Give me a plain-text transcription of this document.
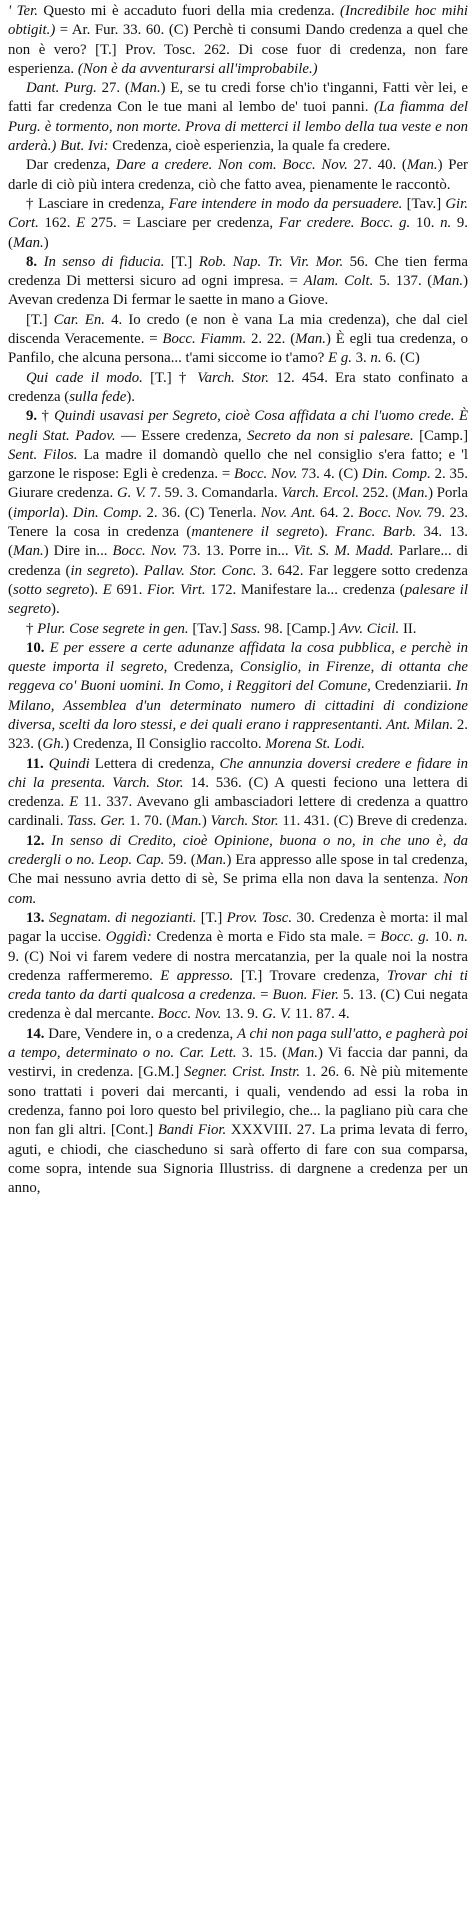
' Ter. Questo mi è accaduto fuori della mia credenza. (Incredibile hoc mihi obtigit.) = Ar. Fur. 33. 60. (C) Perchè ti consumi Dando credenza a quel che non è vero? [T.] Prov. Tosc. 262. Di cose fuor di credenza, non fare esperienza. (Non è da avventurarsi all'improbabile.)

Dant. Purg. 27. (Man.) E, se tu credi forse ch'io t'inganni, Fatti vèr lei, e fatti far credenza Con le tue mani al lembo de' tuoi panni. (La fiamma del Purg. è tormento, non morte. Prova di metterci il lembo della tua veste e non arderà.) But. Ivi: Credenza, cioè esperienzia, la quale fa credere.

Dar credenza, Dare a credere. Non com. Bocc. Nov. 27. 40. (Man.) Per darle di ciò più intera credenza, ciò che fatto avea, pienamente le raccontò.

† Lasciare in credenza, Fare intendere in modo da persuadere. [Tav.] Gir. Cort. 162. E 275. = Lasciare per credenza, Far credere. Bocc. g. 10. n. 9. (Man.)

8. In senso di fiducia. [T.] Rob. Nap. Tr. Vir. Mor. 56. Che tien ferma credenza Di mettersi sicuro ad ogni impresa. = Alam. Colt. 5. 137. (Man.) Avevan credenza Di fermar le saette in mano a Giove.

[T.] Car. En. 4. Io credo (e non è vana La mia credenza), che dal ciel discenda Veracemente. = Bocc. Fiamm. 2. 22. (Man.) È egli tua credenza, o Panfilo, che alcuna persona... t'ami siccome io t'amo? E g. 3. n. 6. (C)

Qui cade il modo. [T.] † Varch. Stor. 12. 454. Era stato confinato a credenza (sulla fede).

9. † Quindi usavasi per Segreto, cioè Cosa affidata a chi l'uomo crede. È negli Stat. Padov. — Essere credenza, Secreto da non si palesare. [Camp.] Sent. Filos. La madre il domandò quello che nel consiglio s'era fatto; e 'l garzone le rispose: Egli è credenza. = Bocc. Nov. 73. 4. (C) Din. Comp. 2. 35. Giurare credenza. G. V. 7. 59. 3. Comandarla. Varch. Ercol. 252. (Man.) Porla (imporla). Din. Comp. 2. 36. (C) Tenerla. Nov. Ant. 64. 2. Bocc. Nov. 79. 23. Tenere la cosa in credenza (mantenere il segreto). Franc. Barb. 34. 13. (Man.) Dire in... Bocc. Nov. 73. 13. Porre in... Vit. S. M. Madd. Parlare... di credenza (in segreto). Pallav. Stor. Conc. 3. 642. Far leggere sotto credenza (sotto segreto). E 691. Fior. Virt. 172. Manifestare la... credenza (palesare il segreto).

† Plur. Cose segrete in gen. [Tav.] Sass. 98. [Camp.] Avv. Cicil. II.

10. E per essere a certe adunanze affidata la cosa pubblica, e perchè in queste importa il segreto, Credenza, Consiglio, in Firenze, di ottanta che reggeva co' Buoni uomini. In Como, i Reggitori del Comune, Credenziarii. In Milano, Assemblea d'un determinato numero di cittadini di condizione diversa, scelti da loro stessi, e dei quali erano i rappresentanti. Ant. Milan. 2. 323. (Gh.) Credenza, Il Consiglio raccolto. Morena St. Lodi.

11. Quindi Lettera di credenza, Che annunzia doversi credere e fidare in chi la presenta. Varch. Stor. 14. 536. (C) A questi feciono una lettera di credenza. E 11. 337. Avevano gli ambasciadori lettere di credenza a quattro cardinali. Tass. Ger. 1. 70. (Man.) Varch. Stor. 11. 431. (C) Breve di credenza.

12. In senso di Credito, cioè Opinione, buona o no, in che uno è, da credergli o no. Leop. Cap. 59. (Man.) Era appresso alle spose in tal credenza, Che mai nessuno avria detto di sè, Se prima ella non dava la sentenza. Non com.

13. Segnatam. di negoziantі. [T.] Prov. Tosc. 30. Credenza è morta: il mal pagar la uccise. Oggidì: Credenza è morta e Fido sta male. = Bocc. g. 10. n. 9. (C) Noi vi farem vedere di nostra mercatanzia, per la quale noi la nostra credenza raffermeremo. E appresso. [T.] Trovare credenza, Trovar chi ti creda tanto da darti qualcosa a credenza. = Buon. Fier. 5. 13. (C) Cui negata credenza è dal mercante. Bocc. Nov. 13. 9. G. V. 11. 87. 4.

14. Dare, Vendere in, o a credenza, A chi non paga sull'atto, e pagherà poi a tempo, determinato o no. Car. Lett. 3. 15. (Man.) Vi faccia dar panni, da vestirvi, in credenza. [G.M.] Segner. Crist. Instr. 1. 26. 6. Nè più mitemente sono trattati i poveri dai mercanti, i quali, vendendo ad essi la roba in credenza, fanno poi loro questo bel privilegio, che... la pagliano più cara che non fan gli altri. [Cont.] Bandi Fior. XXXVIII. 27. La prima levata di ferro, aguti, e chiodi, che ciascheduno si sarà offerto di fare con sua comparsa, come sopra, intende sua Signoria Illustriss. di dargnene a credenza per un anno,
